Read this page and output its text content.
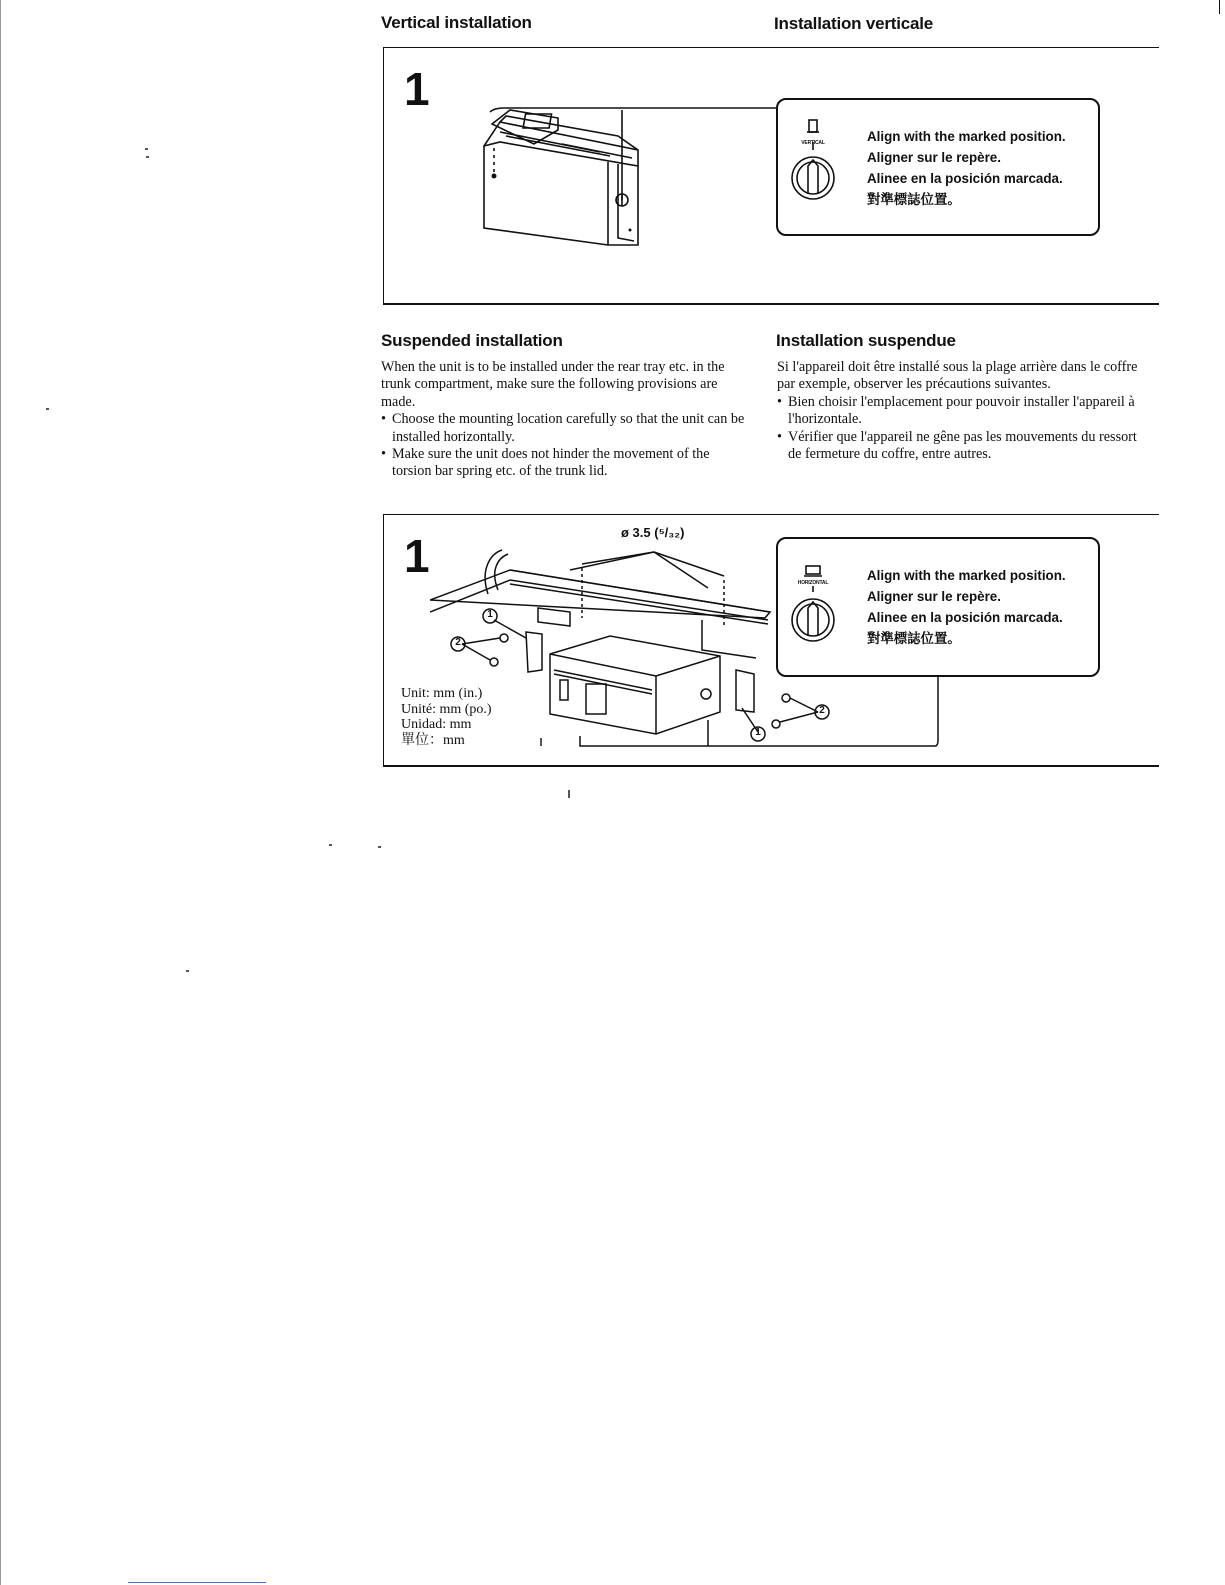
Vertical installation	Installation verticale
1
VERTICAL	Align with the marked position.
Aligner sur le repère.
Alinee en la posición marcada.
對準標誌位置。
Suspended installation	Installation suspendue

When the unit is to be installed under the rear tray etc. in the trunk compartment, make sure the following provisions are made.

• Choose the mounting location carefully so that the unit can be installed horizontally.
• Make sure the unit does not hinder the movement of the torsion bar spring etc. of the trunk lid.

Si l'appareil doit être installé sous la plage arrière dans le coffre par exemple, observer les précautions suivantes.

• Bien choisir l'emplacement pour pouvoir installer l'appareil à l'horizontale.
• Vérifier que l'appareil ne gêne pas les mouvements du ressort de fermeture du coffre, entre autres.
1	ø 3.5 (⁵/₃₂)
1
2
2
1
Unit: mm (in.)
Unité: mm (po.)
Unidad: mm
單位：mm
HORIZONTAL	Align with the marked position.
Aligner sur le repère.
Alinee en la posición marcada.
對準標誌位置。
